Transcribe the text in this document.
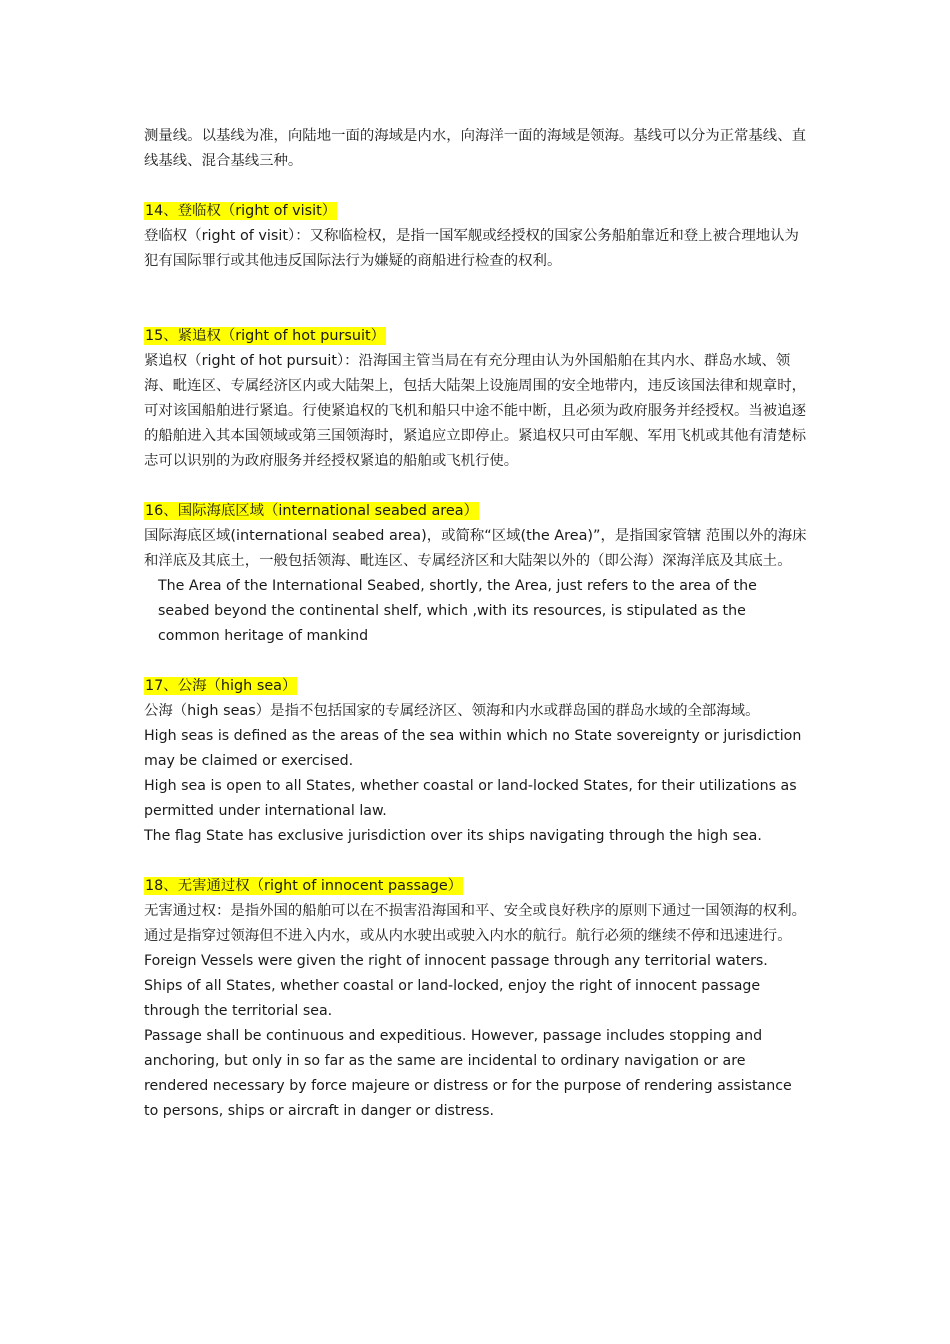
测量线。以基线为准，向陆地一面的海域是内水，向海洋一面的海域是领海。基线可以分为正常基线、直线基线、混合基线三种。

14、登临权（right of visit）

登临权（right of visit）：又称临检权，是指一国军舰或经授权的国家公务船舶靠近和登上被合理地认为犯有国际罪行或其他违反国际法行为嫌疑的商船进行检查的权利。

15、紧追权（right of hot pursuit）

紧追权（right of hot pursuit）：沿海国主管当局在有充分理由认为外国船舶在其内水、群岛水域、领海、毗连区、专属经济区内或大陆架上，包括大陆架上设施周围的安全地带内，违反该国法律和规章时，可对该国船舶进行紧追。行使紧追权的飞机和船只中途不能中断，且必须为政府服务并经授权。当被追逐的船舶进入其本国领域或第三国领海时，紧追应立即停止。紧追权只可由军舰、军用飞机或其他有清楚标志可以识别的为政府服务并经授权紧追的船舶或飞机行使。

16、国际海底区域（international seabed area）

国际海底区域(international seabed area)，或简称“区域(the Area)”，是指国家管辖 范围以外的海床和洋底及其底土，一般包括领海、毗连区、专属经济区和大陆架以外的（即公海）深海洋底及其底土。

The Area of the International Seabed, shortly, the Area, just refers to the area of the seabed beyond the continental shelf, which ,with its resources, is stipulated as the common heritage of mankind

17、公海（high sea）

公海（high seas）是指不包括国家的专属经济区、领海和内水或群岛国的群岛水域的全部海域。

High seas is defined as the areas of the sea within which no State sovereignty or jurisdiction may be claimed or exercised.

High sea is open to all States, whether coastal or land-locked States, for their utilizations as permitted under international law.

The flag State has exclusive jurisdiction over its ships navigating through the high sea.

18、无害通过权（right of innocent passage）

无害通过权：是指外国的船舶可以在不损害沿海国和平、安全或良好秩序的原则下通过一国领海的权利。通过是指穿过领海但不进入内水，或从内水驶出或驶入内水的航行。航行必须的继续不停和迅速进行。

Foreign Vessels were given the right of innocent passage through any territorial waters. Ships of all States, whether coastal or land-locked, enjoy the right of innocent passage through the territorial sea.

Passage shall be continuous and expeditious. However, passage includes stopping and anchoring, but only in so far as the same are incidental to ordinary navigation or are rendered necessary by force majeure or distress or for the purpose of rendering assistance to persons, ships or aircraft in danger or distress.
